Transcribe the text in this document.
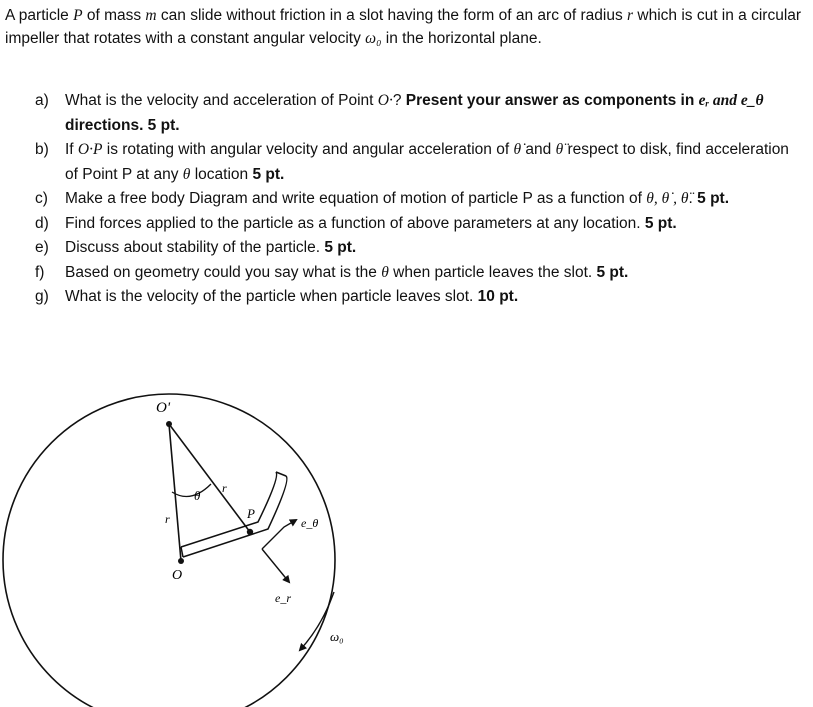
A particle P of mass m can slide without friction in a slot having the form of an arc of radius r which is cut in a circular impeller that rotates with a constant angular velocity ω₀ in the horizontal plane.
a)	What is the velocity and acceleration of Point O·? Present your answer as components in eᵣ and e_θ directions. 5 pt.
b)	If O·P is rotating with angular velocity and angular acceleration of θ̇ and θ̈ respect to disk, find acceleration of Point P at any θ location 5 pt.
c)	Make a free body Diagram and write equation of motion of particle P as a function of θ, θ̇ , θ̈. 5 pt.
d)	Find forces applied to the particle as a function of above parameters at any location. 5 pt.
e)	Discuss about stability of the particle. 5 pt.
f)	Based on geometry could you say what is the θ when particle leaves the slot. 5 pt.
g)	What is the velocity of the particle when particle leaves slot. 10 pt.
O'
O
θ
r
r
P
e_θ
e_r
ω₀
